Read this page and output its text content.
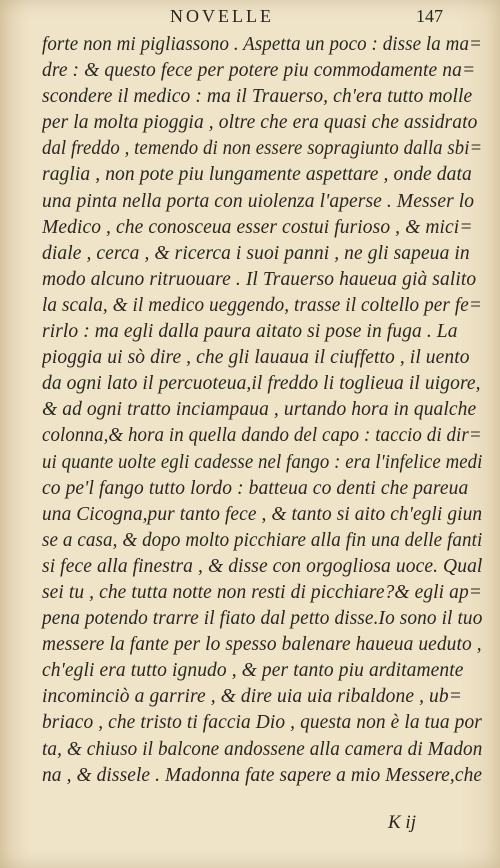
NOVELLE	147
forte non mi pigliassono . Aspetta un poco : disse la ma=
dre : & questo fece per potere piu commodamente na=
scondere il medico : ma il Trauerso, ch'era tutto molle
per la molta pioggia , oltre che era quasi che assidrato
dal freddo , temendo di non essere sopragiunto dalla sbi=
raglia , non pote piu lungamente aspettare , onde data
una pinta nella porta con uiolenza l'aperse . Messer lo
Medico , che conosceua esser costui furioso , & mici=
diale , cerca , & ricerca i suoi panni , ne gli sapeua in
modo alcuno ritruouare . Il Trauerso haueua già salito
la scala, & il medico ueggendo, trasse il coltello per fe=
rirlo : ma egli dalla paura aitato si pose in fuga . La
pioggia ui sò dire , che gli lauaua il ciuffetto , il uento
da ogni lato il percuoteua,il freddo li toglieua il uigore,
& ad ogni tratto inciampaua , urtando hora in qualche
colonna,& hora in quella dando del capo : taccio di dir=
ui quante uolte egli cadesse nel fango : era l'infelice medi
co pe'l fango tutto lordo : batteua co denti che pareua
una Cicogna,pur tanto fece , & tanto si aito ch'egli giun
se a casa, & dopo molto picchiare alla fin una delle fanti
si fece alla finestra , & disse con orgogliosa uoce. Qual
sei tu , che tutta notte non resti di picchiare?& egli ap=
pena potendo trarre il fiato dal petto disse.Io sono il tuo
messere la fante per lo spesso balenare haueua ueduto ,
ch'egli era tutto ignudo , & per tanto piu arditamente
incominciò a garrire , & dire uia uia ribaldone , ub=
briaco , che tristo ti faccia Dio , questa non è la tua por
ta, & chiuso il balcone andossene alla camera di Madon
na , & dissele . Madonna fate sapere a mio Messere,che
K ij
